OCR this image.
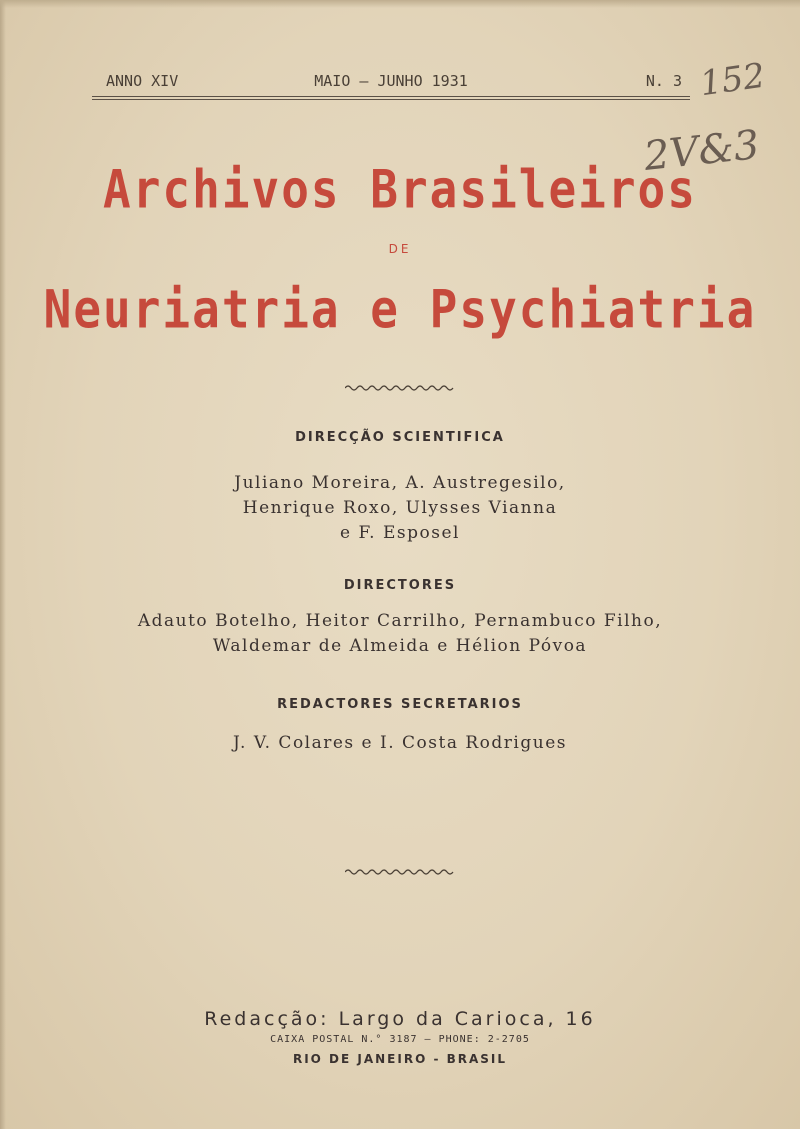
ANNO XIV	MAIO — JUNHO 1931	N. 3 152
2V&3
Archivos Brasileiros
DE
Neuriatria e Psychiatria
DIRECÇÃO SCIENTIFICA
Juliano Moreira, A. Austregesilo,
Henrique Roxo, Ulysses Vianna
e F. Esposel
DIRECTORES
Adauto Botelho, Heitor Carrilho, Pernambuco Filho,
Waldemar de Almeida e Hélion Póvoa
REDACTORES SECRETARIOS
J. V. Colares e I. Costa Rodrigues
Redacção: Largo da Carioca, 16
CAIXA POSTAL N.° 3187 — PHONE: 2-2705
RIO DE JANEIRO - BRASIL
